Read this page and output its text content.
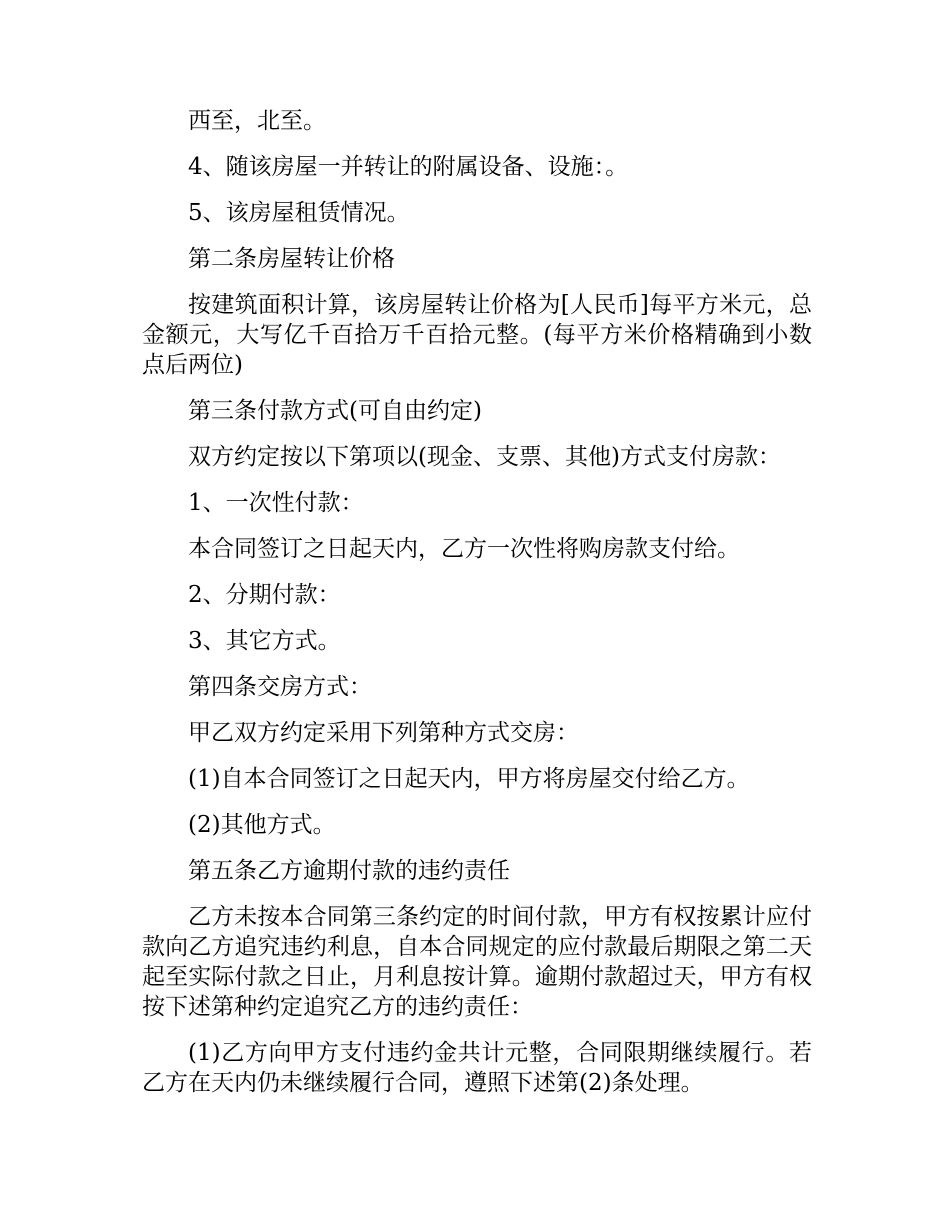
西至，北至。

4、随该房屋一并转让的附属设备、设施：。

5、该房屋租赁情况。

第二条房屋转让价格

按建筑面积计算，该房屋转让价格为[人民币]每平方米元，总金额元，大写亿千百拾万千百拾元整。(每平方米价格精确到小数点后两位)

第三条付款方式(可自由约定)

双方约定按以下第项以(现金、支票、其他)方式支付房款：

1、一次性付款：

本合同签订之日起天内，乙方一次性将购房款支付给。

2、分期付款：

3、其它方式。

第四条交房方式：

甲乙双方约定采用下列第种方式交房：

(1)自本合同签订之日起天内，甲方将房屋交付给乙方。

(2)其他方式。

第五条乙方逾期付款的违约责任

乙方未按本合同第三条约定的时间付款，甲方有权按累计应付款向乙方追究违约利息，自本合同规定的应付款最后期限之第二天起至实际付款之日止，月利息按计算。逾期付款超过天，甲方有权按下述第种约定追究乙方的违约责任：

(1)乙方向甲方支付违约金共计元整，合同限期继续履行。若乙方在天内仍未继续履行合同，遵照下述第(2)条处理。
